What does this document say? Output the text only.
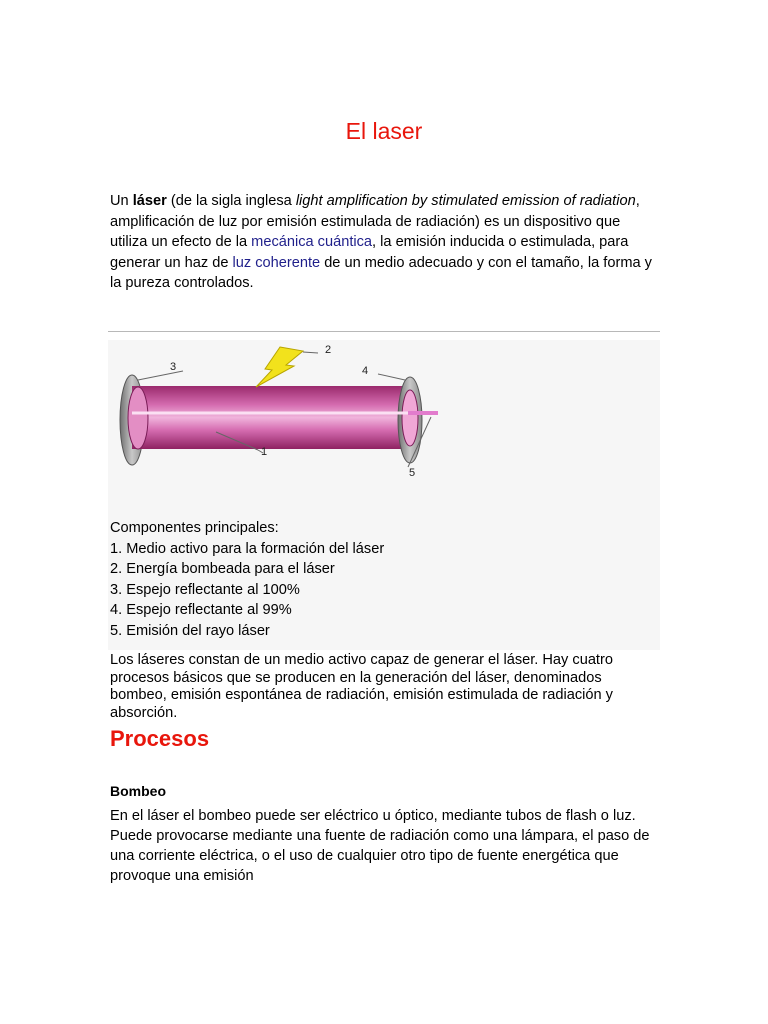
El laser

Un láser (de la sigla inglesa light amplification by stimulated emission of radiation, amplificación de luz por emisión estimulada de radiación) es un dispositivo que utiliza un efecto de la mecánica cuántica, la emisión inducida o estimulada, para generar un haz de luz coherente de un medio adecuado y con el tamaño, la forma y la pureza controlados.

1
2
3	4
5
Componentes principales:
1. Medio activo para la formación del láser
2. Energía bombeada para el láser
3. Espejo reflectante al 100%
4. Espejo reflectante al 99%
5. Emisión del rayo láser

Los láseres constan de un medio activo capaz de generar el láser. Hay cuatro procesos básicos que se producen en la generación del láser, denominados bombeo, emisión espontánea de radiación, emisión estimulada de radiación y absorción.

Procesos
Bombeo

En el láser el bombeo puede ser eléctrico u óptico, mediante tubos de flash o luz. Puede provocarse mediante una fuente de radiación como una lámpara, el paso de una corriente eléctrica, o el uso de cualquier otro tipo de fuente energética que provoque una emisión
